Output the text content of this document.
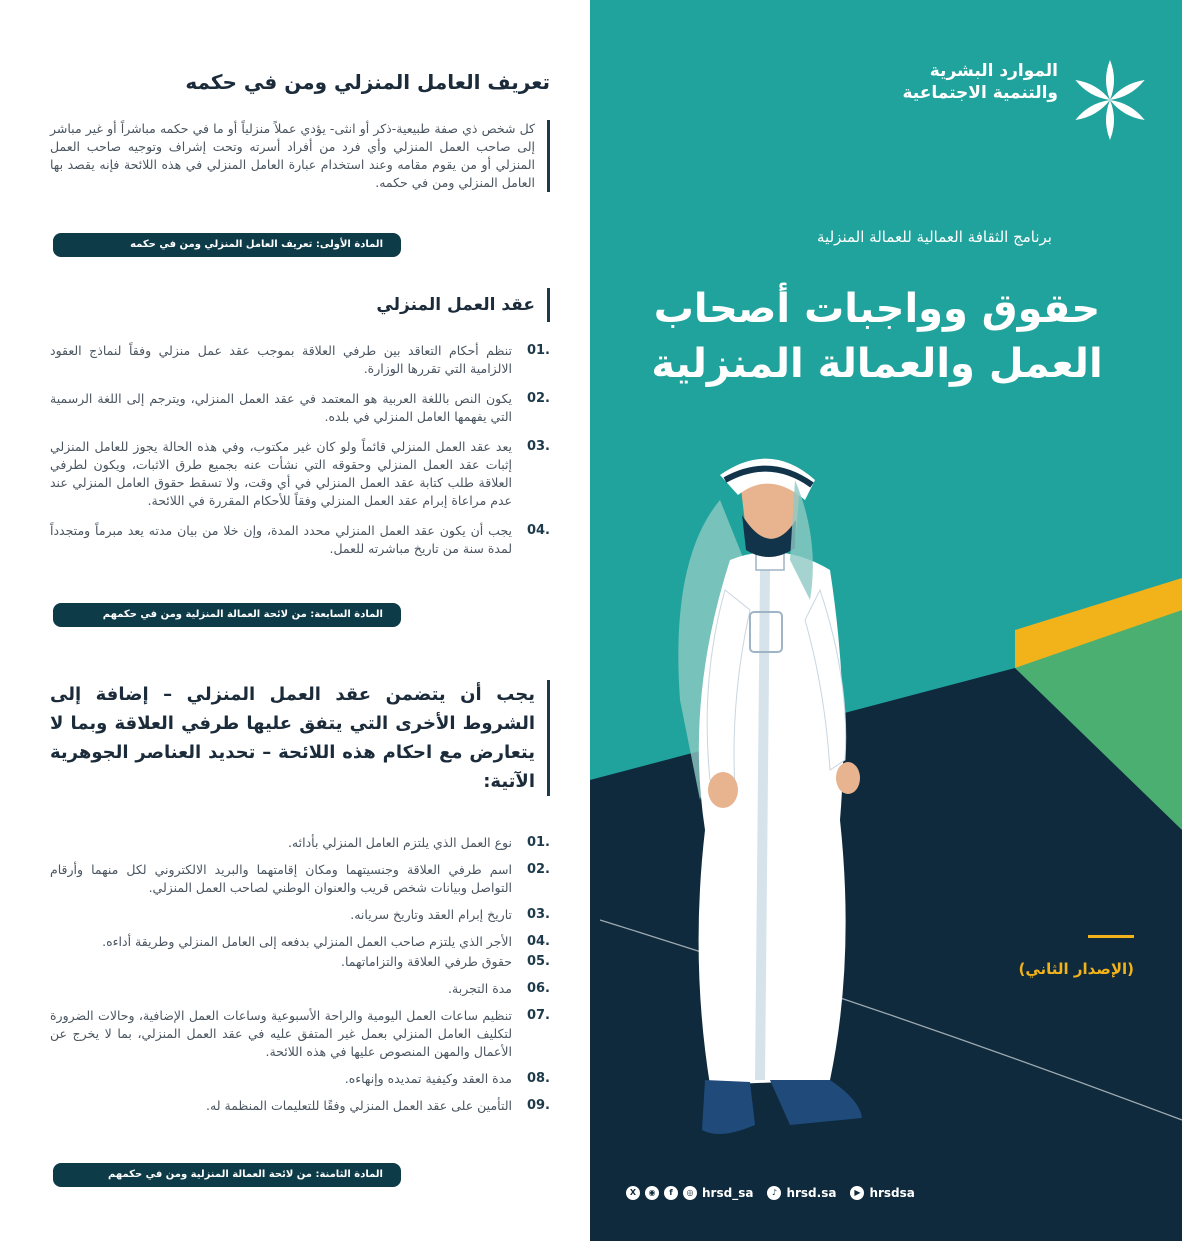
تعريف العامل المنزلي ومن في حكمه

كل شخص ذي صفة طبيعية-ذكر أو انثى- يؤدي عملاً منزلياً أو ما في حكمه مباشراً أو غير مباشر إلى صاحب العمل المنزلي وأي فرد من أفراد أسرته وتحت إشراف وتوجيه صاحب العمل المنزلي أو من يقوم مقامه وعند استخدام عبارة العامل المنزلي في هذه اللائحة فإنه يقصد بها العامل المنزلي ومن في حكمه.

المادة الأولى: تعريف العامل المنزلي ومن في حكمه
عقد العمل المنزلي
01.
تنظم أحكام التعاقد بين طرفي العلاقة بموجب عقد عمل منزلي وفقاً لنماذج العقود الالزامية التي تقررها الوزارة.
02.
يكون النص باللغة العربية هو المعتمد في عقد العمل المنزلي، ويترجم إلى اللغة الرسمية التي يفهمها العامل المنزلي في بلده.
03.
يعد عقد العمل المنزلي قائماً ولو كان غير مكتوب، وفي هذه الحالة يجوز للعامل المنزلي إثبات عقد العمل المنزلي وحقوقه التي نشأت عنه بجميع طرق الاثبات، ويكون لطرفي العلاقة طلب كتابة عقد العمل المنزلي في أي وقت، ولا تسقط حقوق العامل المنزلي عند عدم مراعاة إبرام عقد العمل المنزلي وفقاً للأحكام المقررة في اللائحة.
04.
يجب أن يكون عقد العمل المنزلي محدد المدة، وإن خلا من بيان مدته يعد مبرماً ومتجدداً لمدة سنة من تاريخ مباشرته للعمل.
المادة السابعة: من لائحة العمالة المنزلية ومن في حكمهم
يجب أن يتضمن عقد العمل المنزلي – إضافة إلى الشروط الأخرى التي يتفق عليها طرفي العلاقة وبما لا يتعارض مع احكام هذه اللائحة – تحديد العناصر الجوهرية الآتية:
01.
نوع العمل الذي يلتزم العامل المنزلي بأدائه.
02.
اسم طرفي العلاقة وجنسيتهما ومكان إقامتهما والبريد الالكتروني لكل منهما وأرقام التواصل وبيانات شخص قريب والعنوان الوطني لصاحب العمل المنزلي.
03.
تاريخ إبرام العقد وتاريخ سريانه.
04.
الأجر الذي يلتزم صاحب العمل المنزلي بدفعه إلى العامل المنزلي وطريقة أداءه.
05.
حقوق طرفي العلاقة والتزاماتهما.
06.
مدة التجربة.
07.
تنظيم ساعات العمل اليومية والراحة الأسبوعية وساعات العمل الإضافية، وحالات الضرورة لتكليف العامل المنزلي بعمل غير المتفق عليه في عقد العمل المنزلي، بما لا يخرج عن الأعمال والمهن المنصوص عليها في هذه اللائحة.
08.
مدة العقد وكيفية تمديده وإنهاءه.
09.
التأمين على عقد العمل المنزلي وفقًا للتعليمات المنظمة له.
المادة الثامنة: من لائحة العمالة المنزلية ومن في حكمهم
الموارد البشرية
والتنمية الاجتماعية
برنامج الثقافة العمالية للعمالة المنزلية
حقوق وواجبات أصحاب
العمل والعمالة المنزلية
(الإصدار الثاني)
X	◉	f	◎ hrsd_sa	♪ hrsd.sa	▶ hrsdsa
